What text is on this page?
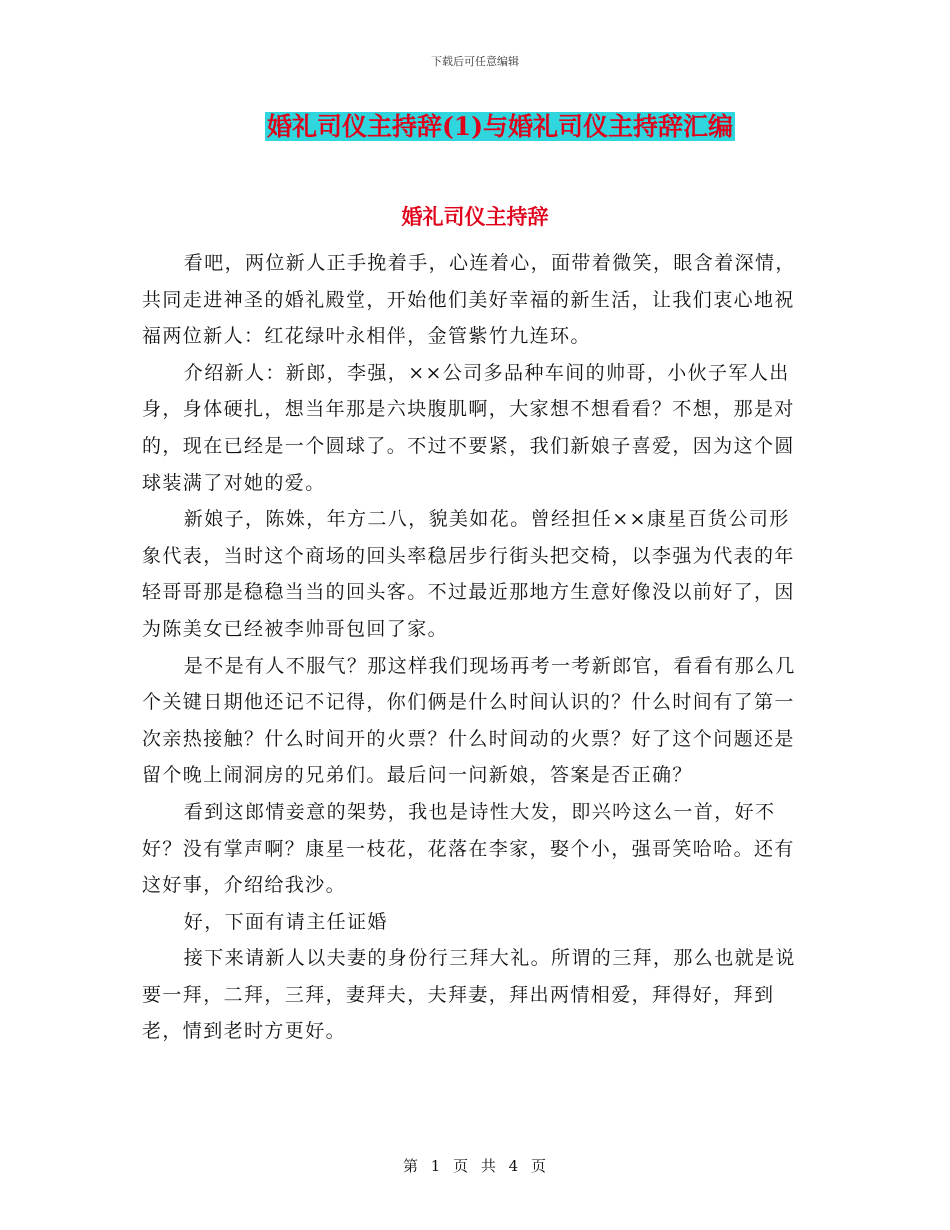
下载后可任意编辑
婚礼司仪主持辞(1)与婚礼司仪主持辞汇编
婚礼司仪主持辞

看吧，两位新人正手挽着手，心连着心，面带着微笑，眼含着深情，共同走进神圣的婚礼殿堂，开始他们美好幸福的新生活，让我们衷心地祝福两位新人：红花绿叶永相伴，金管紫竹九连环。

介绍新人：新郎，李强，××公司多品种车间的帅哥，小伙子军人出身，身体硬扎，想当年那是六块腹肌啊，大家想不想看看？不想，那是对的，现在已经是一个圆球了。不过不要紧，我们新娘子喜爱，因为这个圆球装满了对她的爱。

新娘子，陈姝，年方二八，貌美如花。曾经担任××康星百货公司形象代表，当时这个商场的回头率稳居步行街头把交椅，以李强为代表的年轻哥哥那是稳稳当当的回头客。不过最近那地方生意好像没以前好了，因为陈美女已经被李帅哥包回了家。

是不是有人不服气？那这样我们现场再考一考新郎官，看看有那么几个关键日期他还记不记得，你们俩是什么时间认识的？什么时间有了第一次亲热接触？什么时间开的火票？什么时间动的火票？好了这个问题还是留个晚上闹洞房的兄弟们。最后问一问新娘，答案是否正确？

看到这郎情妾意的架势，我也是诗性大发，即兴吟这么一首，好不好？没有掌声啊？康星一枝花，花落在李家，娶个小，强哥笑哈哈。还有这好事，介绍给我沙。

好，下面有请主任证婚

接下来请新人以夫妻的身份行三拜大礼。所谓的三拜，那么也就是说要一拜，二拜，三拜，妻拜夫，夫拜妻，拜出两情相爱，拜得好，拜到老，情到老时方更好。

第 1 页 共 4 页
